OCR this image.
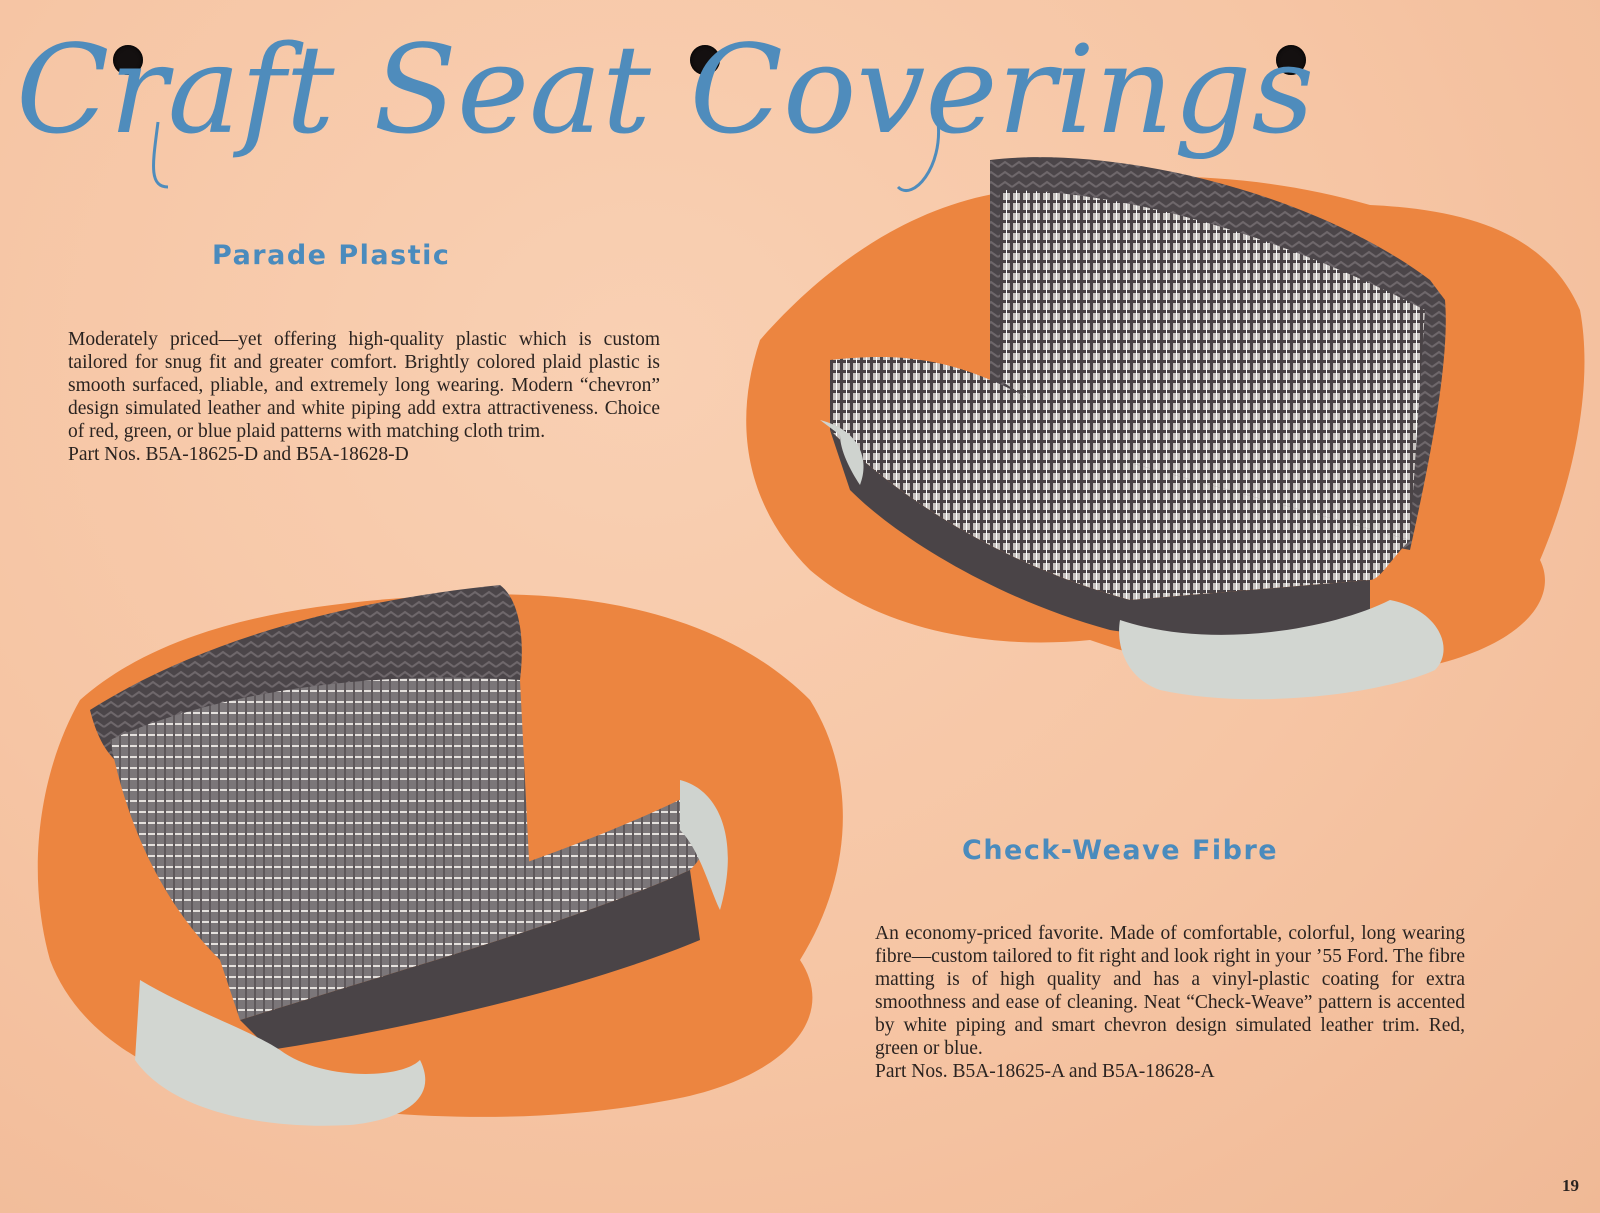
Craft Seat Coverings
Parade Plastic

Moderately priced—yet offering high-quality plastic which is custom tailored for snug fit and greater comfort. Brightly colored plaid plastic is smooth surfaced, pliable, and extremely long wearing. Modern “chevron” design simulated leather and white piping add extra attractiveness. Choice of red, green, or blue plaid patterns with matching cloth trim.
Part Nos. B5A-18625-D and B5A-18628-D

Check-Weave Fibre

An economy-priced favorite. Made of comfortable, colorful, long wearing fibre—custom tailored to fit right and look right in your ’55 Ford. The fibre matting is of high quality and has a vinyl-plastic coating for extra smoothness and ease of cleaning. Neat “Check-Weave” pattern is accented by white piping and smart chevron design simulated leather trim. Red, green or blue.
Part Nos. B5A-18625-A and B5A-18628-A

19
